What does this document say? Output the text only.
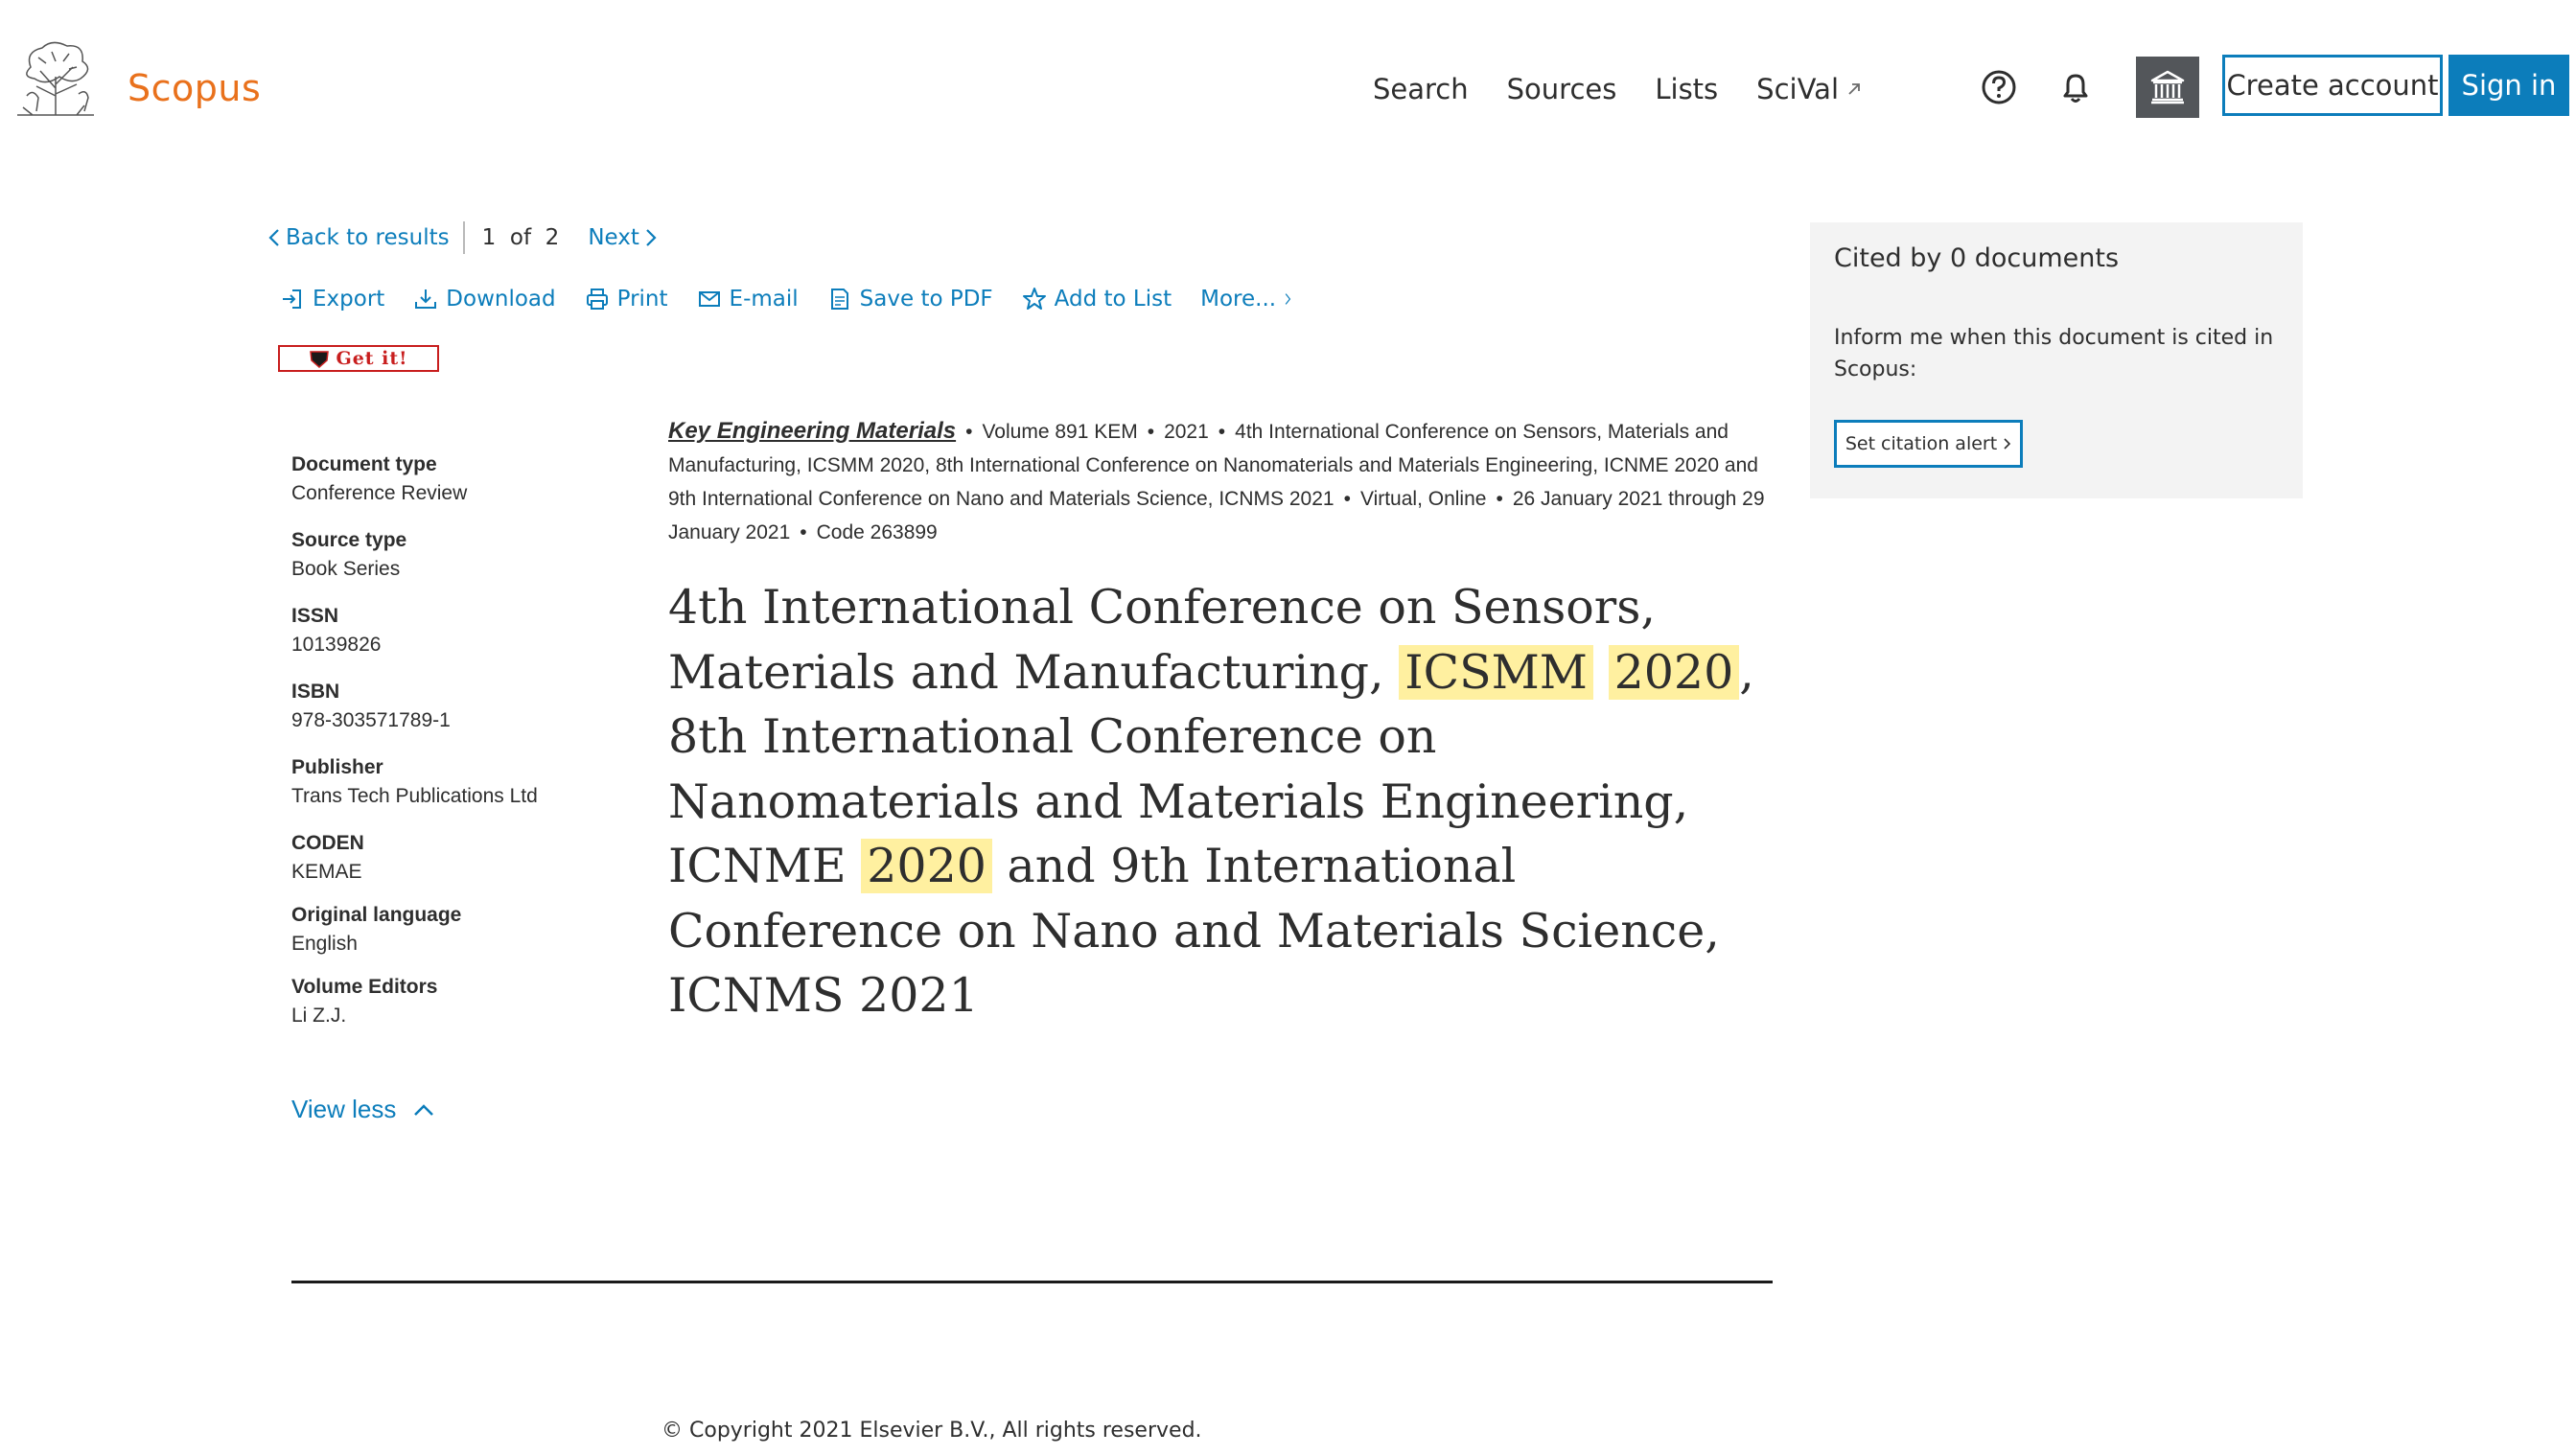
Scopus	Search Sources Lists SciVal	Create account Sign in
Back to results 1 of 2 Next
Export	Download	Print	E-mail	Save to PDF	Add to List More...
Get it!
Document type
Conference Review
Source type
Book Series
ISSN
10139826
ISBN
978-303571789-1
Publisher
Trans Tech Publications Ltd
CODEN
KEMAE
Original language
English
Volume Editors
Li Z.J.
View less
Key Engineering Materials • Volume 891 KEM • 2021 • 4th International Conference on Sensors, Materials and Manufacturing, ICSMM 2020, 8th International Conference on Nanomaterials and Materials Engineering, ICNME 2020 and 9th International Conference on Nano and Materials Science, ICNMS 2021 • Virtual, Online • 26 January 2021 through 29 January 2021 • Code 263899
4th International Conference on Sensors, Materials and Manufacturing, ICSMM 2020 , 8th International Conference on Nanomaterials and Materials Engineering, ICNME 2020 and 9th International Conference on Nano and Materials Science, ICNMS 2021
© Copyright 2021 Elsevier B.V., All rights reserved.
Cited by 0 documents
Inform me when this document is cited in Scopus:
Set citation alert
